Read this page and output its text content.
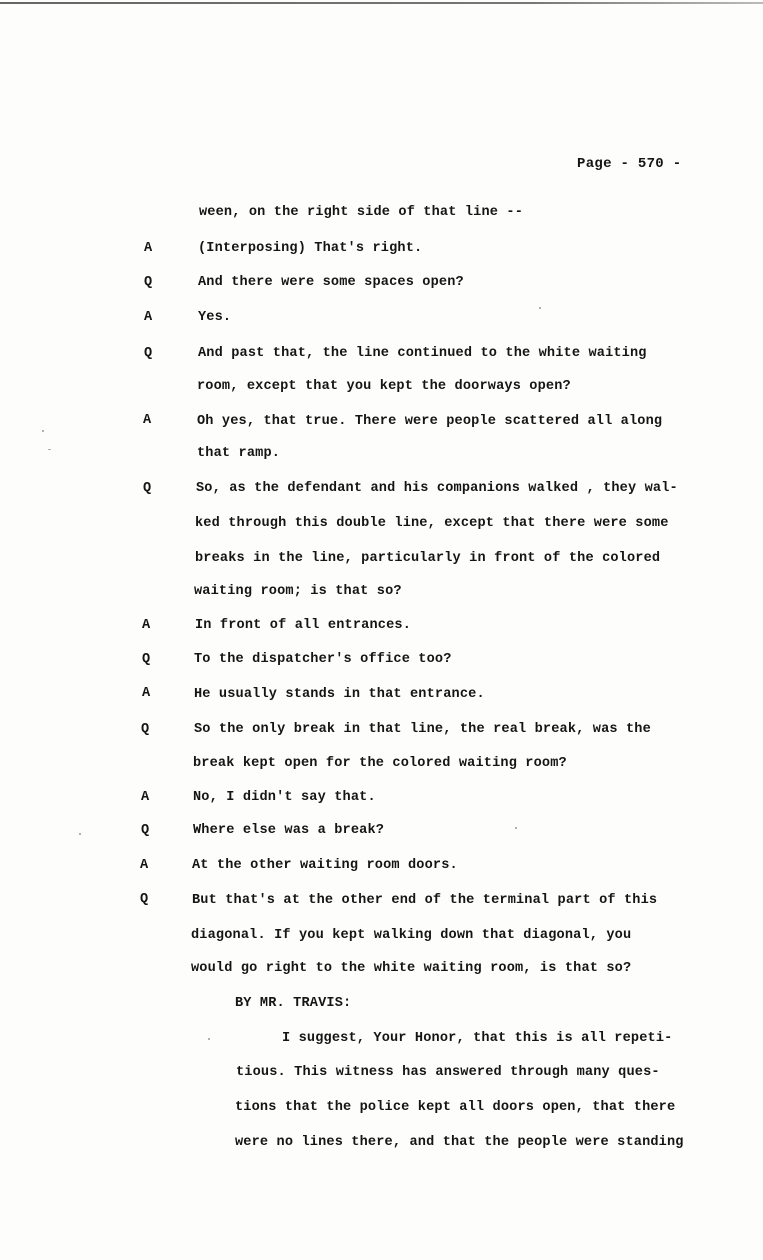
Page - 570 -
ween, on the right side of that line --
A	(Interposing) That's right.
Q	And there were some spaces open?
A	Yes.
Q	And past that, the line continued to the white waiting
room, except that you kept the doorways open?
A	Oh yes, that true. There were people scattered all along
that ramp.
Q	So, as the defendant and his companions walked , they wal-
ked through this double line, except that there were some
breaks in the line, particularly in front of the colored
waiting room; is that so?
A	In front of all entrances.
Q	To the dispatcher's office too?
A	He usually stands in that entrance.
Q	So the only break in that line, the real break, was the
break kept open for the colored waiting room?
A	No, I didn't say that.
Q	Where else was a break?
A	At the other waiting room doors.
Q	But that's at the other end of the terminal part of this
diagonal. If you kept walking down that diagonal, you
would go right to the white waiting room, is that so?
BY MR. TRAVIS:
I suggest, Your Honor, that this is all repeti-
tious. This witness has answered through many ques-
tions that the police kept all doors open, that there
were no lines there, and that the people were standing
